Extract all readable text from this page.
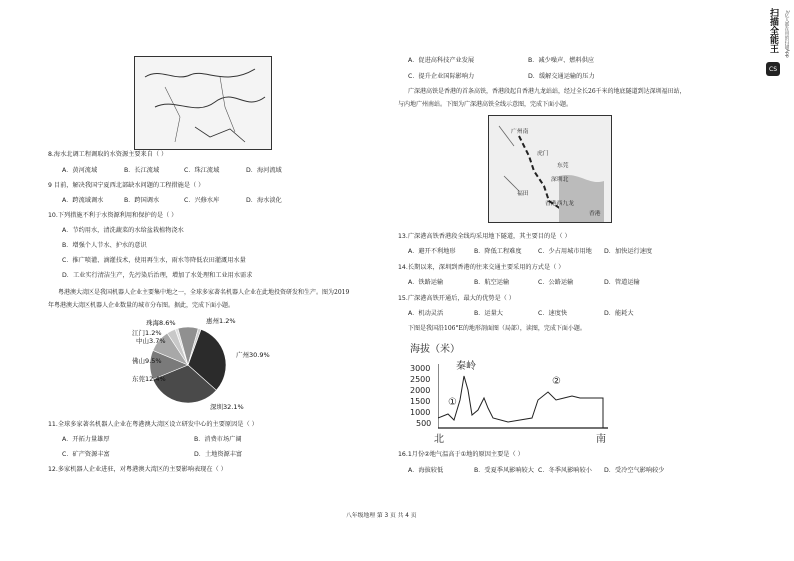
8.海水北调工程调取的水资源主要来自（ ）
A．黄河流域	B．长江流域	C．珠江流域	D．海河流域
9 目前，解决我国宁夏西北部缺水问题的工程措施是（ ）
A．跨流域调水	B．跨国调水	C．兴修水库	D．海水淡化
10.下列措施不利于水资源利用和保护的是（ ）
A．节约用水，清洗蔬菜的水给盆栽植物浇水
B．增强个人节水、护水的意识
C．推广喷灌、滴灌技术，使用再生水，雨水等降低农田灌溉用水量
D．工业实行清洁生产，先污染后治理，增加了水处理和工业用水需求
粤港澳大湾区是我国机器人企业主要集中地之一，全球多家著名机器人企业在此地投资研发和生产。图为2019
年粤港澳大湾区机器人企业数量的城市分布图。据此，完成下面小题。
广州30.9%
深圳32.1%
东莞12.4%
佛山9.5%
中山3.7%
江门1.2%
珠海8.6%	惠州1.2%
11.全球多家著名机器人企业在粤港澳大湾区设立研发中心的主要原因是（ ）
A．开拓力量雄厚	B．消费市场广阔
C．矿产资源丰富	D．土地资源丰富
12.多家机器人企业进驻，对粤港澳大湾区的主要影响表现在（ ）
A．促进高科技产业发展	B．减少噪声、燃料供应
C．提升企业国际影响力	D．缓解交通运输的压力
广深港高铁是香港的首条高铁，香港段起自香港九龙站站，经过全长26千米的地底隧道到达深圳福田站，
与内地广州南站。下图为广深港高铁全线示意图，完成下面小题。
广州南
虎门
东莞
深圳北
福田
香港西九龙
香港
13.广深港高铁香港段全线均采用地下隧道，其主要目的是（ ）
A．避开不利地形	B．降低工程难度	C．少占用城市用地 D．加快运行速度
14.长期以来，深圳到香港的往来交通主要采用的方式是（ ）
A．铁路运输	B．航空运输	C．公路运输	D．管道运输
15.广深港高铁开通后，最大的优势是（ ）
A．机动灵活	B．运量大	C．速度快	D．能耗大
下图是我国沿106°E的地形剖面图（局部），读图，完成下面小题。
海拔（米）
3000
2500
2000
1500
1000
500
秦岭
①
②
北	南
16.1月份②地气温高于①地的原因主要是（ ）
A．海拔较低	B．受夏季风影响较大 C．冬季风影响较小 D．受冷空气影响较少
八年级地理 第 3 页 共 4 页
CS
扫描全能王	3亿人都在用的扫描App
